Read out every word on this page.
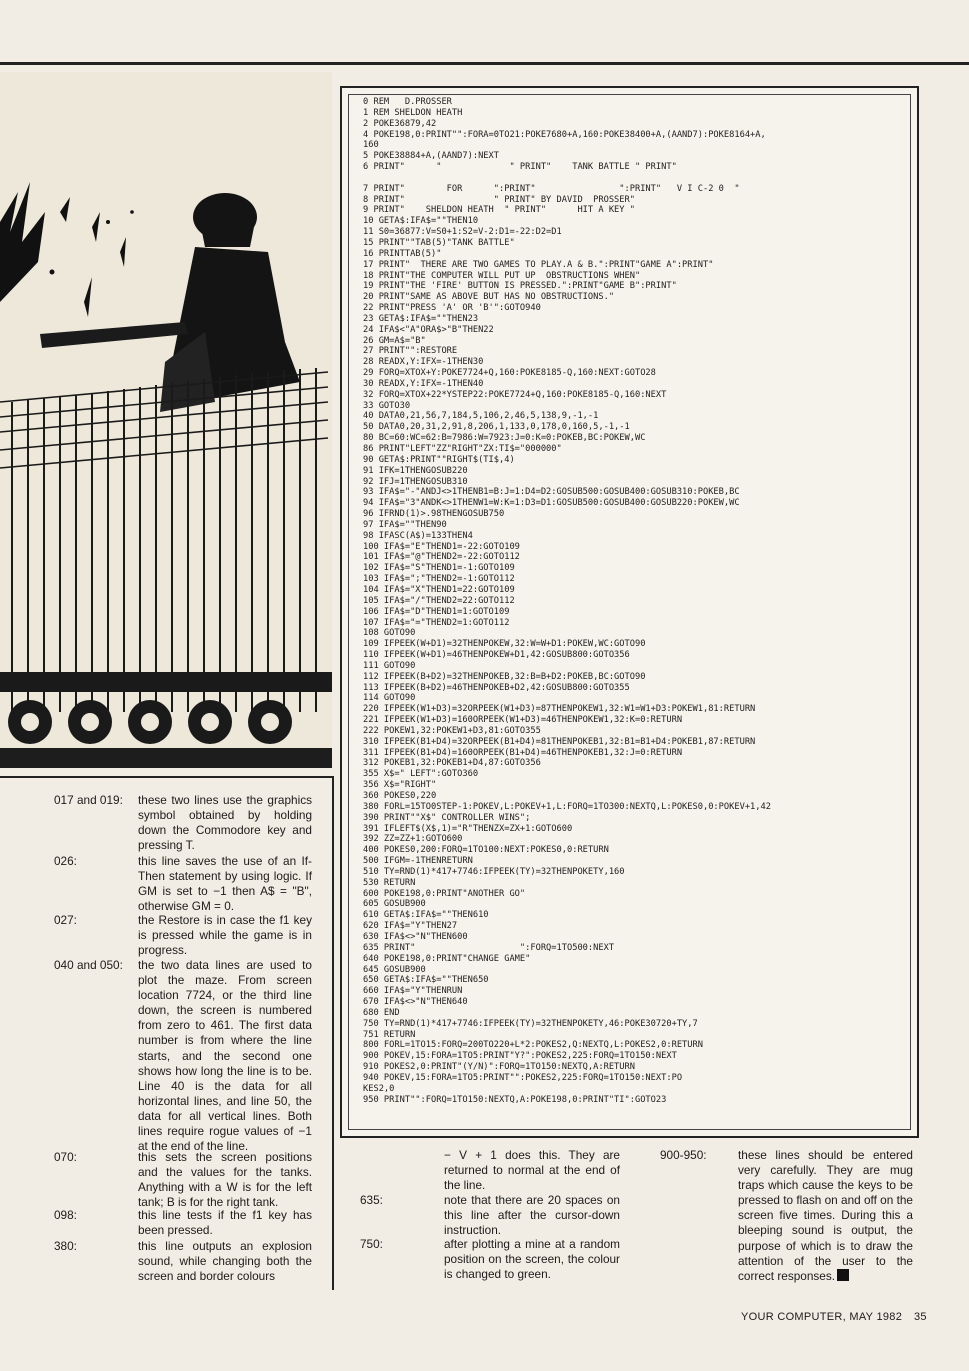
0 REM   D.PROSSER
1 REM SHELDON HEATH
2 POKE36879,42
4 POKE198,0:PRINT"":FORA=0TO21:POKE7680+A,160:POKE38400+A,(AAND7):POKE8164+A,
160
5 POKE38884+A,(AAND7):NEXT
6 PRINT"      "             " PRINT"    TANK BATTLE " PRINT"

7 PRINT"        FOR      ":PRINT"                ":PRINT"   V I C-2 0  "
8 PRINT"                 " PRINT" BY DAVID  PROSSER"
9 PRINT"    SHELDON HEATH  " PRINT"      HIT A KEY "
10 GETA$:IFA$=""THEN10
11 S0=36877:V=S0+1:S2=V-2:D1=-22:D2=D1
15 PRINT""TAB(5)"TANK BATTLE"
16 PRINTTAB(5)"
17 PRINT"  THERE ARE TWO GAMES TO PLAY.A & B.":PRINT"GAME A":PRINT"
18 PRINT"THE COMPUTER WILL PUT UP  OBSTRUCTIONS WHEN"
19 PRINT"THE 'FIRE' BUTTON IS PRESSED.":PRINT"GAME B":PRINT"
20 PRINT"SAME AS ABOVE BUT HAS NO OBSTRUCTIONS."
22 PRINT"PRESS 'A' OR 'B'":GOTO940
23 GETA$:IFA$=""THEN23
24 IFA$<"A"ORA$>"B"THEN22
26 GM=A$="B"
27 PRINT"":RESTORE
28 READX,Y:IFX=-1THEN30
29 FORQ=XTOX+Y:POKE7724+Q,160:POKE8185-Q,160:NEXT:GOTO28
30 READX,Y:IFX=-1THEN40
32 FORQ=XTOX+22*YSTEP22:POKE7724+Q,160:POKE8185-Q,160:NEXT
33 GOTO30
40 DATA0,21,56,7,184,5,106,2,46,5,138,9,-1,-1
50 DATA0,20,31,2,91,8,206,1,133,0,178,0,160,5,-1,-1
80 BC=60:WC=62:B=7986:W=7923:J=0:K=0:POKEB,BC:POKEW,WC
86 PRINT"LEFT"ZZ"RIGHT"ZX:TI$="000000"
90 GETA$:PRINT""RIGHT$(TI$,4)
91 IFK=1THENGOSUB220
92 IFJ=1THENGOSUB310
93 IFA$="-"ANDJ<>1THENB1=B:J=1:D4=D2:GOSUB500:GOSUB400:GOSUB310:POKEB,BC
94 IFA$="3"ANDK<>1THENW1=W:K=1:D3=D1:GOSUB500:GOSUB400:GOSUB220:POKEW,WC
96 IFRND(1)>.98THENGOSUB750
97 IFA$=""THEN90
98 IFASC(A$)=133THEN4
100 IFA$="E"THEND1=-22:GOTO109
101 IFA$="@"THEND2=-22:GOTO112
102 IFA$="S"THEND1=-1:GOTO109
103 IFA$=";"THEND2=-1:GOTO112
104 IFA$="X"THEND1=22:GOTO109
105 IFA$="/"THEND2=22:GOTO112
106 IFA$="D"THEND1=1:GOTO109
107 IFA$="="THEND2=1:GOTO112
108 GOTO90
109 IFPEEK(W+D1)=32THENPOKEW,32:W=W+D1:POKEW,WC:GOTO90
110 IFPEEK(W+D1)=46THENPOKEW+D1,42:GOSUB800:GOTO356
111 GOTO90
112 IFPEEK(B+D2)=32THENPOKEB,32:B=B+D2:POKEB,BC:GOTO90
113 IFPEEK(B+D2)=46THENPOKEB+D2,42:GOSUB800:GOTO355
114 GOTO90
220 IFPEEK(W1+D3)=32ORPEEK(W1+D3)=87THENPOKEW1,32:W1=W1+D3:POKEW1,81:RETURN
221 IFPEEK(W1+D3)=160ORPEEK(W1+D3)=46THENPOKEW1,32:K=0:RETURN
222 POKEW1,32:POKEW1+D3,81:GOTO355
310 IFPEEK(B1+D4)=32ORPEEK(B1+D4)=81THENPOKEB1,32:B1=B1+D4:POKEB1,87:RETURN
311 IFPEEK(B1+D4)=160ORPEEK(B1+D4)=46THENPOKEB1,32:J=0:RETURN
312 POKEB1,32:POKEB1+D4,87:GOTO356
355 X$=" LEFT":GOTO360
356 X$="RIGHT"
360 POKES0,220
380 FORL=15TO0STEP-1:POKEV,L:POKEV+1,L:FORQ=1TO300:NEXTQ,L:POKES0,0:POKEV+1,42
390 PRINT""X$" CONTROLLER WINS";
391 IFLEFT$(X$,1)="R"THENZX=ZX+1:GOTO600
392 ZZ=ZZ+1:GOTO600
400 POKES0,200:FORQ=1TO100:NEXT:POKES0,0:RETURN
500 IFGM=-1THENRETURN
510 TY=RND(1)*417+7746:IFPEEK(TY)=32THENPOKETY,160
530 RETURN
600 POKE198,0:PRINT"ANOTHER GO"
605 GOSUB900
610 GETA$:IFA$=""THEN610
620 IFA$="Y"THEN27
630 IFA$<>"N"THEN600
635 PRINT"                    ":FORQ=1TO500:NEXT
640 POKE198,0:PRINT"CHANGE GAME"
645 GOSUB900
650 GETA$:IFA$=""THEN650
660 IFA$="Y"THENRUN
670 IFA$<>"N"THEN640
680 END
750 TY=RND(1)*417+7746:IFPEEK(TY)=32THENPOKETY,46:POKE30720+TY,7
751 RETURN
800 FORL=1TO15:FORQ=200TO220+L*2:POKES2,Q:NEXTQ,L:POKES2,0:RETURN
900 POKEV,15:FORA=1TO5:PRINT"Y?":POKES2,225:FORQ=1TO150:NEXT
910 POKES2,0:PRINT"(Y/N)":FORQ=1TO150:NEXTQ,A:RETURN
940 POKEV,15:FORA=1TO5:PRINT"":POKES2,225:FORQ=1TO150:NEXT:PO
KES2,0
950 PRINT"":FORQ=1TO150:NEXTQ,A:POKE198,0:PRINT"TI":GOTO23
017 and 019:	these two lines use the graphics symbol obtained by holding down the Commodore key and pressing T.
026:	this line saves the use of an If-Then statement by using logic. If GM is set to −1 then A$ = "B", otherwise GM = 0.
027:	the Restore is in case the f1 key is pressed while the game is in progress.
040 and 050:	the two data lines are used to plot the maze. From screen location 7724, or the third line down, the screen is numbered from zero to 461. The first data number is from where the line starts, and the second one shows how long the line is to be. Line 40 is the data for all horizontal lines, and line 50, the data for all vertical lines. Both lines require rogue values of −1 at the end of the line.
070:	this sets the screen positions and the values for the tanks. Anything with a W is for the left tank; B is for the right tank.
098:	this line tests if the f1 key has been pressed.
380:	this line outputs an explosion sound, while changing both the screen and border colours
− V + 1 does this. They are returned to normal at the end of the line.
635:	note that there are 20 spaces on this line after the cursor-down instruction.
750:	after plotting a mine at a random position on the screen, the colour is changed to green.
900-950:	these lines should be entered very carefully. They are mug traps which cause the keys to be pressed to flash on and off on the screen five times. During this a bleeping sound is output, the purpose of which is to draw the attention of the user to the correct responses.
YOUR COMPUTER, MAY 1982 35
